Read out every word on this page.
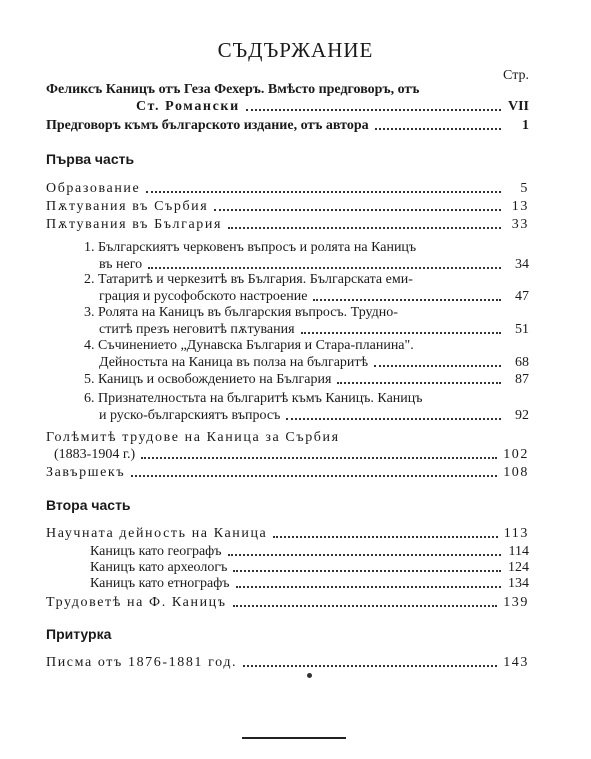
СЪДЪРЖАНИЕ
Стр.
Феликсъ Каницъ отъ Геза Фехеръ. Вмѣсто предговоръ, отъ
Ст. Романски	VII
Предговоръ къмъ българското издание, отъ автора	1
Първа часть
Образование	5
Пѫтувания въ Сърбия	13
Пѫтувания въ България	33
1. Българскиятъ черковенъ въпросъ и ролята на Каницъ
въ него	34
2. Татаритѣ и черкезитѣ въ България. Българската еми-
грация и русофобското настроение	47
3. Ролята на Каницъ въ българския въпросъ. Трудно-
ститѣ презъ неговитѣ пѫтувания	51
4. Съчинението „Дунавска България и Стара-планина".
Дейностьта на Каница въ полза на българитѣ	68
5. Каницъ и освобождението на България	87
6. Признателностьта на българитѣ къмъ Каницъ. Каницъ
и руско-българскиятъ въпросъ	92
Голѣмитѣ трудове на Каница за Сърбия
(1883-1904 г.)	102
Завършекъ	108
Втора часть
Научната дейность на Каница	113
Каницъ като географъ	114
Каницъ като археологъ	124
Каницъ като етнографъ	134
Трудоветѣ на Ф. Каницъ	139
Притурка
Писма отъ 1876-1881 год.	143
